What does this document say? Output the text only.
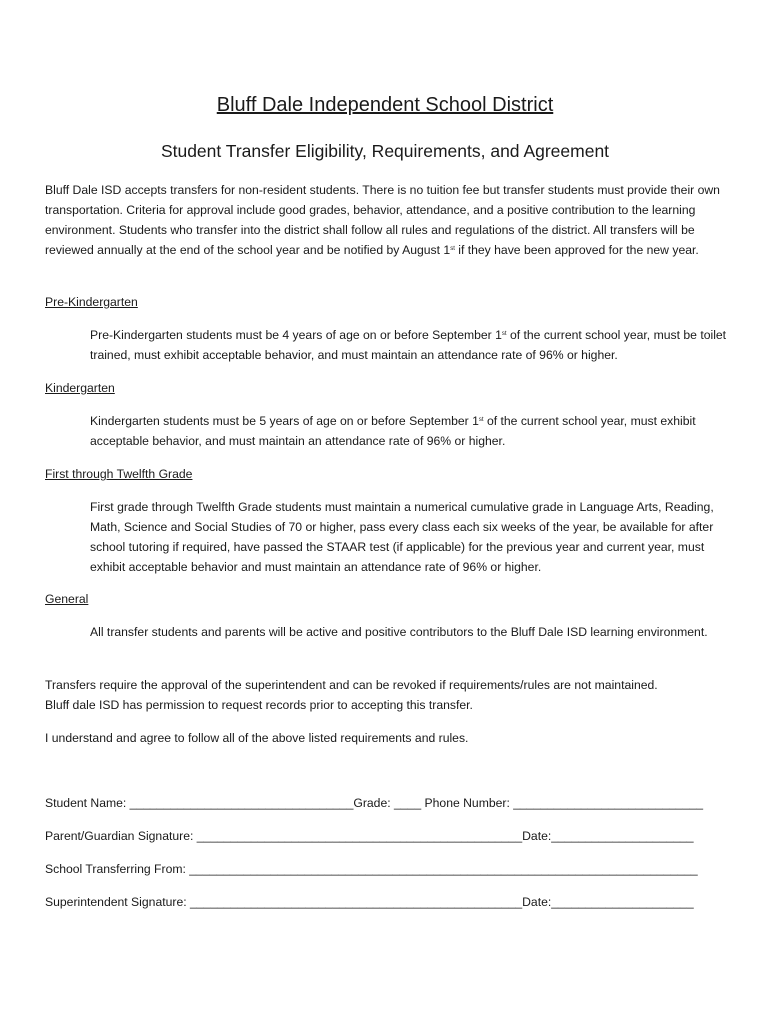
Bluff Dale Independent School District
Student Transfer Eligibility, Requirements, and Agreement
Bluff Dale ISD accepts transfers for non-resident students. There is no tuition fee but transfer students must provide their own transportation. Criteria for approval include good grades, behavior, attendance, and a positive contribution to the learning environment. Students who transfer into the district shall follow all rules and regulations of the district. All transfers will be reviewed annually at the end of the school year and be notified by August 1st if they have been approved for the new year.
Pre-Kindergarten
Pre-Kindergarten students must be 4 years of age on or before September 1st of the current school year, must be toilet trained, must exhibit acceptable behavior, and must maintain an attendance rate of 96% or higher.
Kindergarten
Kindergarten students must be 5 years of age on or before September 1st of the current school year, must exhibit acceptable behavior, and must maintain an attendance rate of 96% or higher.
First through Twelfth Grade
First grade through Twelfth Grade students must maintain a numerical cumulative grade in Language Arts, Reading, Math, Science and Social Studies of 70 or higher, pass every class each six weeks of the year, be available for after school tutoring if required, have passed the STAAR test (if applicable) for the previous year and current year, must exhibit acceptable behavior and must maintain an attendance rate of 96% or higher.
General
All transfer students and parents will be active and positive contributors to the Bluff Dale ISD learning environment.
Transfers require the approval of the superintendent and can be revoked if requirements/rules are not maintained.
Bluff dale ISD has permission to request records prior to accepting this transfer.
I understand and agree to follow all of the above listed requirements and rules.
Student Name: _________________________________Grade: ____ Phone Number: ____________________________
Parent/Guardian Signature: ________________________________________________Date:_____________________
School Transferring From: ___________________________________________________________________________
Superintendent Signature: _________________________________________________Date:_____________________
